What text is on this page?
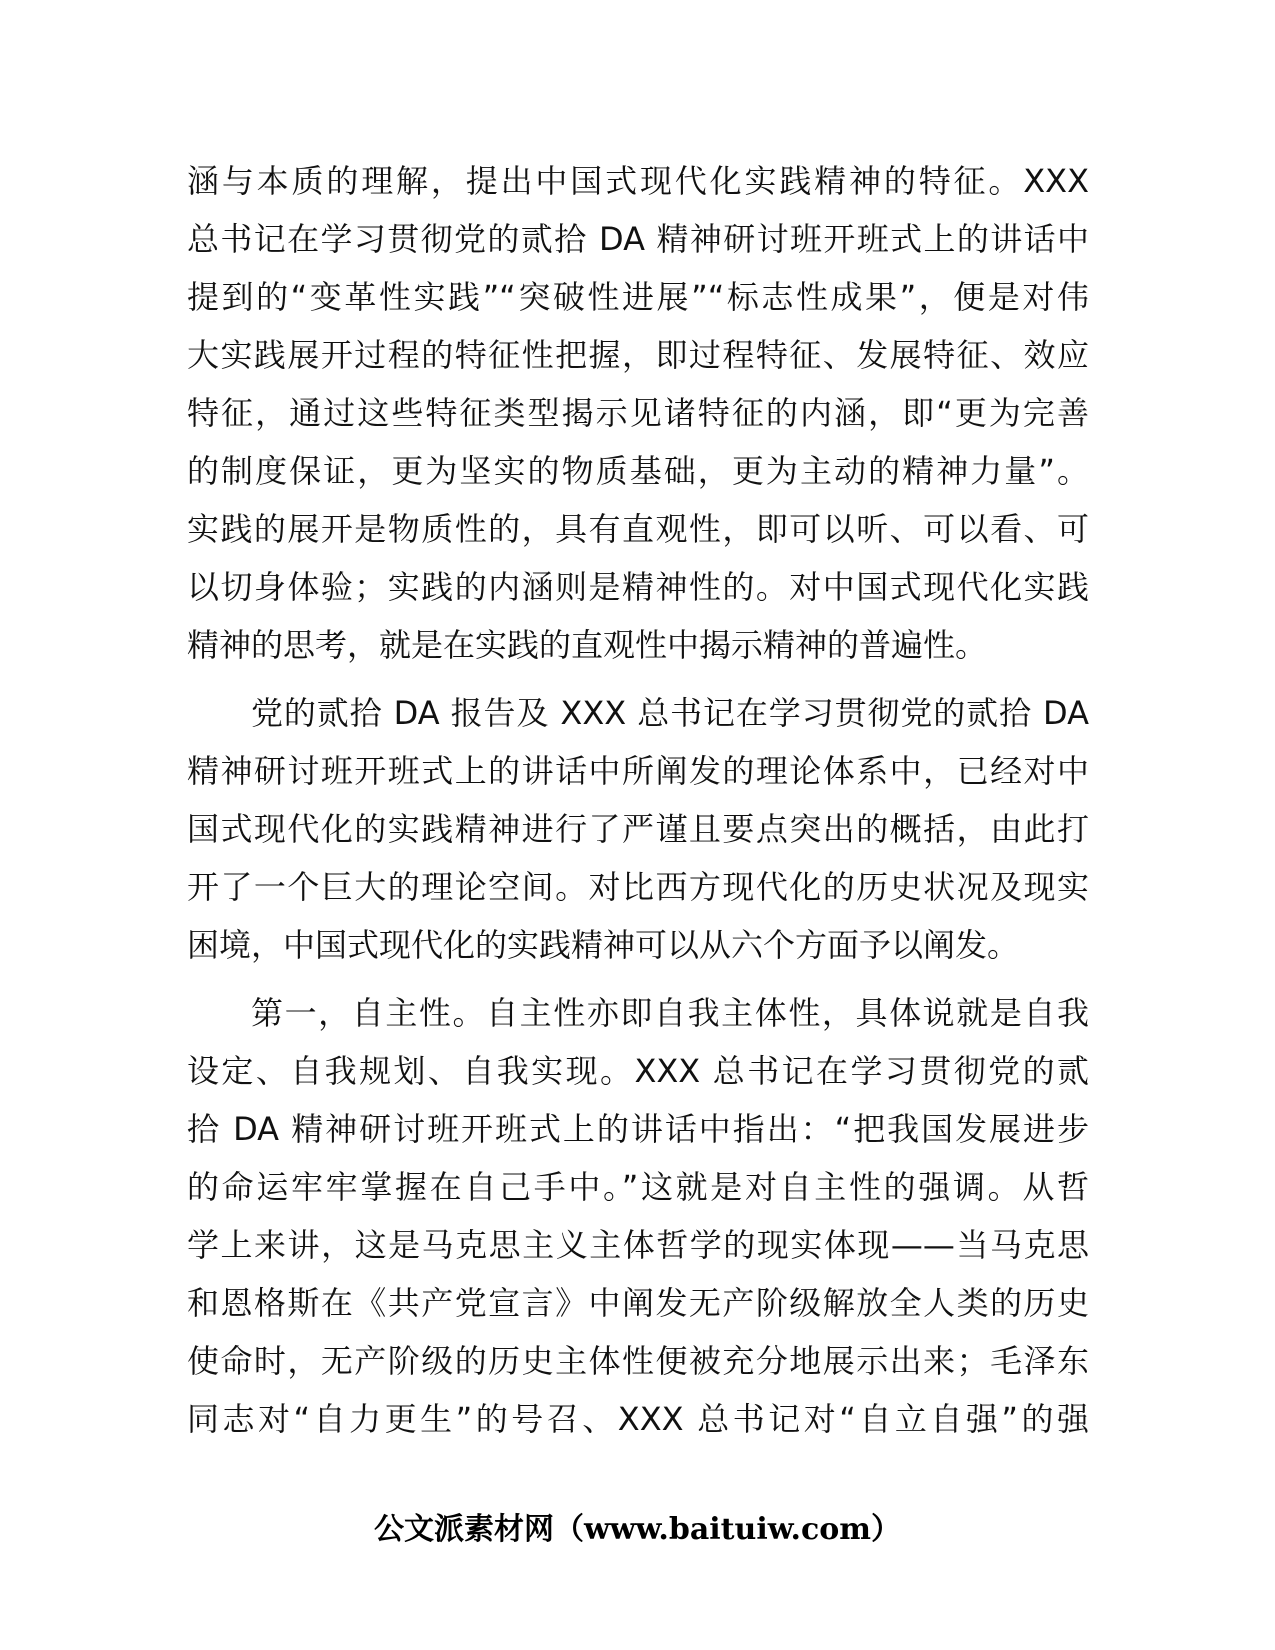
涵与本质的理解，提出中国式现代化实践精神的特征。XXX
总书记在学习贯彻党的贰拾 DA 精神研讨班开班式上的讲话中
提到的“变革性实践”“突破性进展”“标志性成果”，便是对伟
大实践展开过程的特征性把握，即过程特征、发展特征、效应
特征，通过这些特征类型揭示见诸特征的内涵，即“更为完善
的制度保证，更为坚实的物质基础，更为主动的精神力量”。
实践的展开是物质性的，具有直观性，即可以听、可以看、可
以切身体验；实践的内涵则是精神性的。对中国式现代化实践
精神的思考，就是在实践的直观性中揭示精神的普遍性。
党的贰拾 DA 报告及 XXX 总书记在学习贯彻党的贰拾 DA
精神研讨班开班式上的讲话中所阐发的理论体系中，已经对中
国式现代化的实践精神进行了严谨且要点突出的概括，由此打
开了一个巨大的理论空间。对比西方现代化的历史状况及现实
困境，中国式现代化的实践精神可以从六个方面予以阐发。
第一，自主性。自主性亦即自我主体性，具体说就是自我
设定、自我规划、自我实现。XXX 总书记在学习贯彻党的贰
拾 DA 精神研讨班开班式上的讲话中指出：“把我国发展进步
的命运牢牢掌握在自己手中。”这就是对自主性的强调。从哲
学上来讲，这是马克思主义主体哲学的现实体现——当马克思
和恩格斯在《共产党宣言》中阐发无产阶级解放全人类的历史
使命时，无产阶级的历史主体性便被充分地展示出来；毛泽东
同志对“自力更生”的号召、XXX 总书记对“自立自强”的强
公文派素材网（www.baituiw.com）
